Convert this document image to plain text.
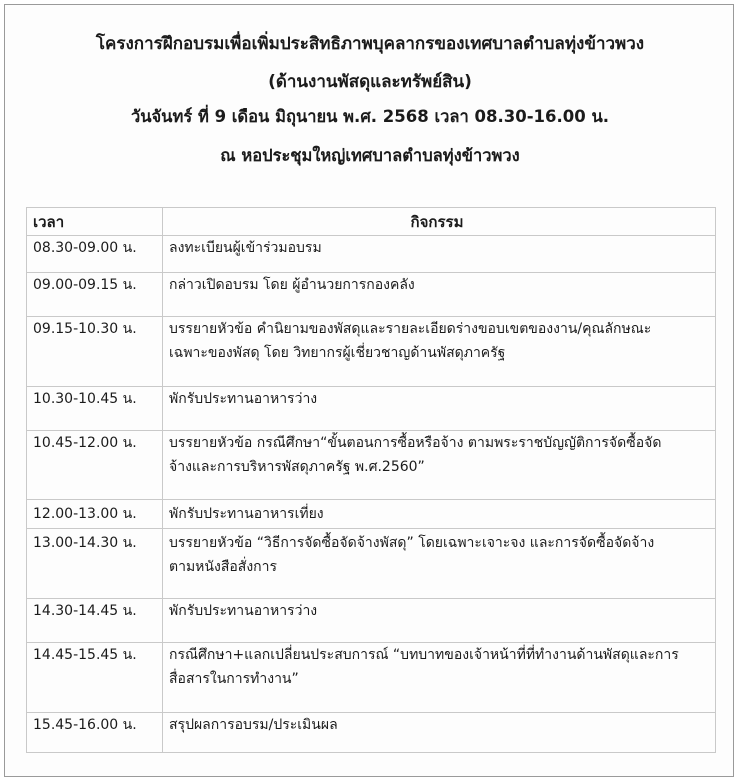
โครงการฝึกอบรมเพื่อเพิ่มประสิทธิภาพบุคลากรของเทศบาลตำบลทุ่งข้าวพวง
(ด้านงานพัสดุและทรัพย์สิน)
วันจันทร์ ที่ 9 เดือน มิถุนายน พ.ศ. 2568 เวลา 08.30-16.00 น.
ณ หอประชุมใหญ่เทศบาลตำบลทุ่งข้าวพวง
เวลา	กิจกรรม
08.30-09.00 น.	ลงทะเบียนผู้เข้าร่วมอบรม

09.00-09.15 น.	กล่าวเปิดอบรม โดย ผู้อำนวยการกองคลัง

09.15-10.30 น.	บรรยายหัวข้อ คำนิยามของพัสดุและรายละเอียดร่างขอบเขตของงาน/คุณลักษณะ
เฉพาะของพัสดุ โดย วิทยากรผู้เชี่ยวชาญด้านพัสดุภาครัฐ

10.30-10.45 น.	พักรับประทานอาหารว่าง

10.45-12.00 น.	บรรยายหัวข้อ กรณีศึกษา“ขั้นตอนการซื้อหรือจ้าง ตามพระราชบัญญัติการจัดซื้อจัด
จ้างและการบริหารพัสดุภาครัฐ พ.ศ.2560”

12.00-13.00 น.	พักรับประทานอาหารเที่ยง

13.00-14.30 น.	บรรยายหัวข้อ “วิธีการจัดซื้อจัดจ้างพัสดุ” โดยเฉพาะเจาะจง และการจัดซื้อจัดจ้าง
ตามหนังสือสั่งการ

14.30-14.45 น.	พักรับประทานอาหารว่าง

14.45-15.45 น.	กรณีศึกษา+แลกเปลี่ยนประสบการณ์ “บทบาทของเจ้าหน้าที่ที่ทำงานด้านพัสดุและการ
สื่อสารในการทำงาน”

15.45-16.00 น.	สรุปผลการอบรม/ประเมินผล
